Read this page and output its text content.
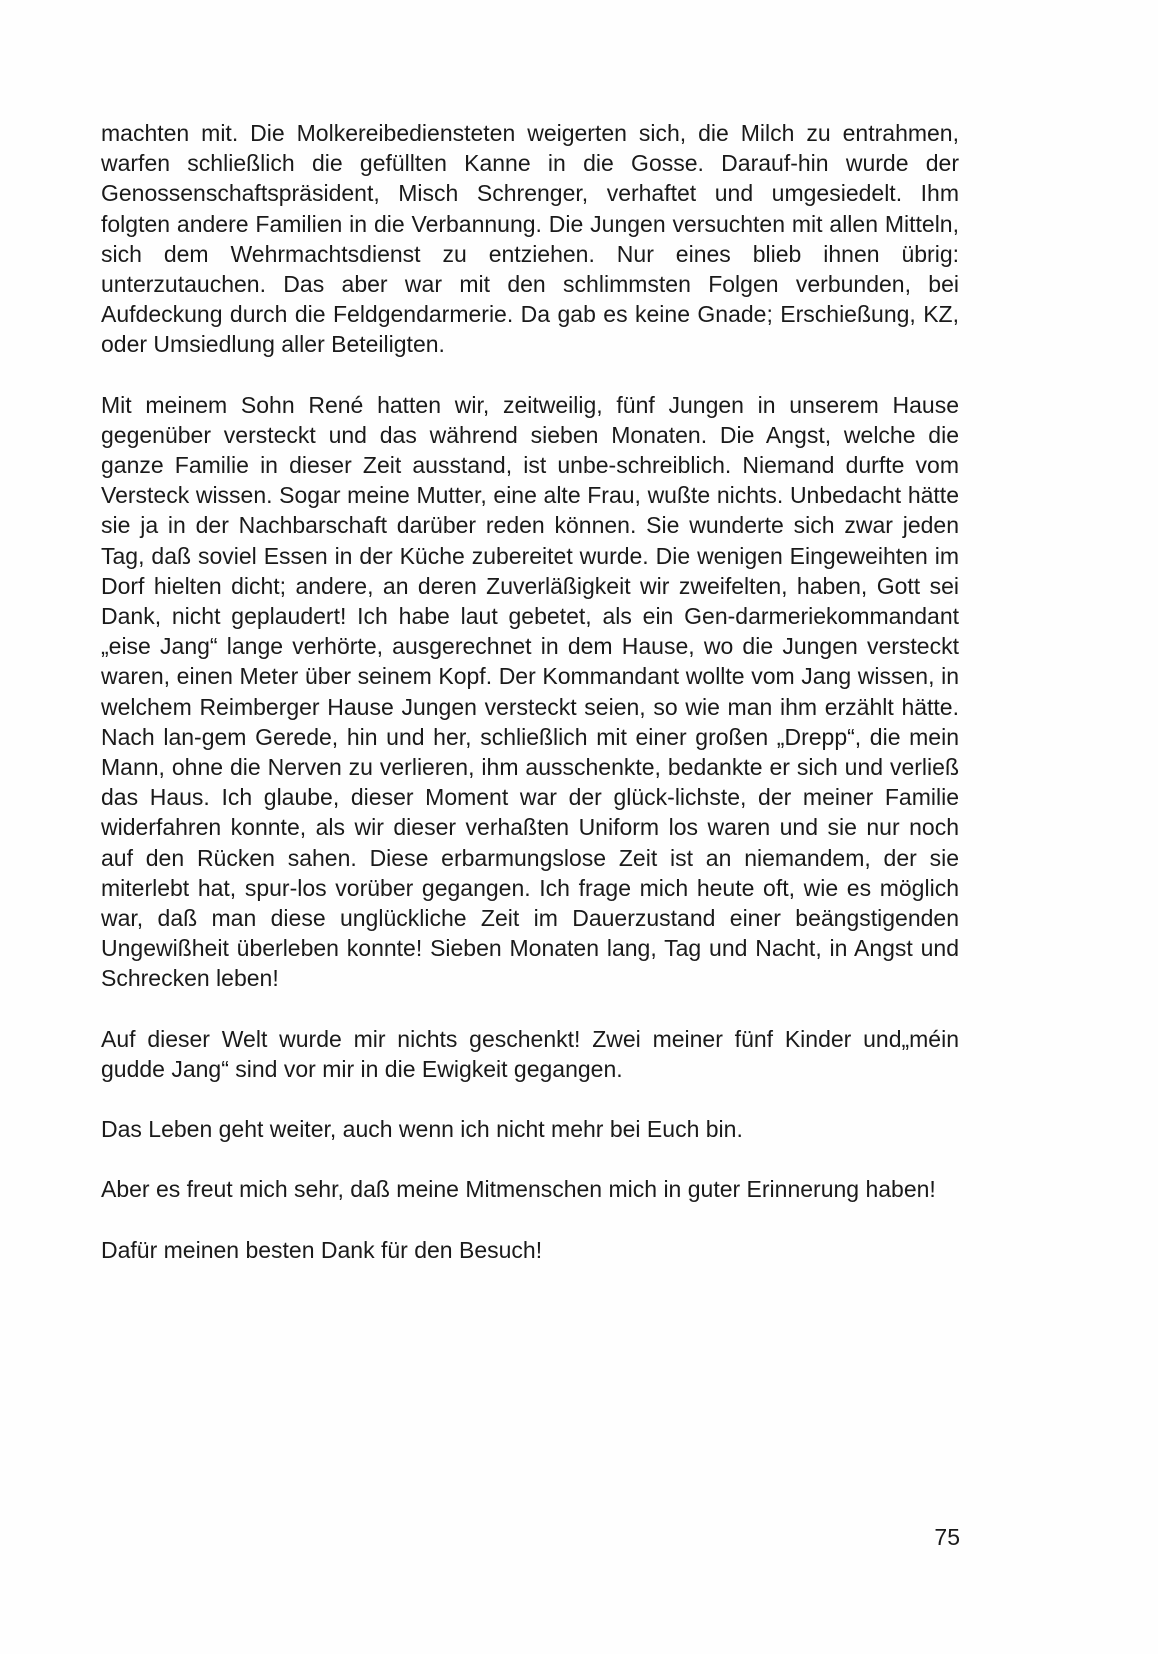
machten mit. Die Molkereibediensteten weigerten sich, die Milch zu entrahmen, warfen schließlich die gefüllten Kanne in die Gosse. Darauf-hin wurde der Genossenschaftspräsident, Misch Schrenger, verhaftet und umgesiedelt. Ihm folgten andere Familien in die Verbannung. Die Jungen versuchten mit allen Mitteln, sich dem Wehrmachtsdienst zu entziehen. Nur eines blieb ihnen übrig: unterzutauchen. Das aber war mit den schlimmsten Folgen verbunden, bei Aufdeckung durch die Feldgendarmerie. Da gab es keine Gnade; Erschießung, KZ, oder Umsiedlung aller Beteiligten.

Mit meinem Sohn René hatten wir, zeitweilig, fünf Jungen in unserem Hause gegenüber versteckt und das während sieben Monaten. Die Angst, welche die ganze Familie in dieser Zeit ausstand, ist unbe-schreiblich. Niemand durfte vom Versteck wissen. Sogar meine Mutter, eine alte Frau, wußte nichts. Unbedacht hätte sie ja in der Nachbarschaft darüber reden können. Sie wunderte sich zwar jeden Tag, daß soviel Essen in der Küche zubereitet wurde. Die wenigen Eingeweihten im Dorf hielten dicht; andere, an deren Zuverläßigkeit wir zweifelten, haben, Gott sei Dank, nicht geplaudert! Ich habe laut gebetet, als ein Gen-darmeriekommandant „eise Jang“ lange verhörte, ausgerechnet in dem Hause, wo die Jungen versteckt waren, einen Meter über seinem Kopf. Der Kommandant wollte vom Jang wissen, in welchem Reimberger Hause Jungen versteckt seien, so wie man ihm erzählt hätte. Nach lan-gem Gerede, hin und her, schließlich mit einer großen „Drepp“, die mein Mann, ohne die Nerven zu verlieren, ihm ausschenkte, bedankte er sich und verließ das Haus. Ich glaube, dieser Moment war der glück-lichste, der meiner Familie widerfahren konnte, als wir dieser verhaßten Uniform los waren und sie nur noch auf den Rücken sahen. Diese erbarmungslose Zeit ist an niemandem, der sie miterlebt hat, spur-los vorüber gegangen. Ich frage mich heute oft, wie es möglich war, daß man diese unglückliche Zeit im Dauerzustand einer beängstigenden Ungewißheit überleben konnte! Sieben Monaten lang, Tag und Nacht, in Angst und Schrecken leben!

Auf dieser Welt wurde mir nichts geschenkt! Zwei meiner fünf Kinder und„méin gudde Jang“ sind vor mir in die Ewigkeit gegangen.

Das Leben geht weiter, auch wenn ich nicht mehr bei Euch bin.

Aber es freut mich sehr, daß meine Mitmenschen mich in guter Erinnerung haben!

Dafür meinen besten Dank für den Besuch!

75
